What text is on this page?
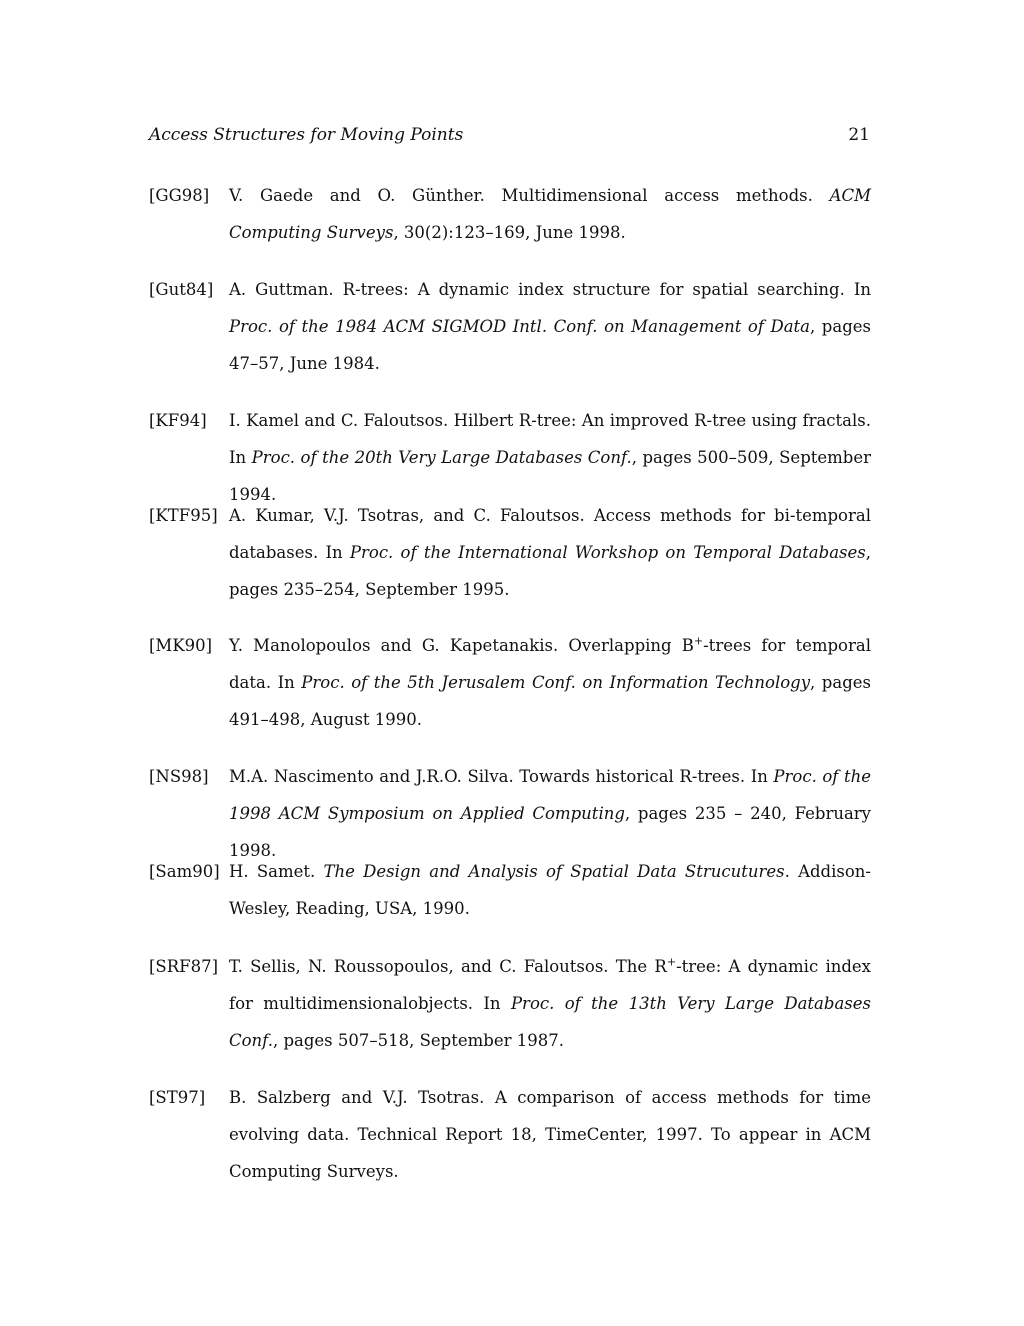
Access Structures for Moving Points	21
[GG98] V. Gaede and O. Günther. Multidimensional access methods. ACM Computing Surveys, 30(2):123–169, June 1998.
[Gut84] A. Guttman. R-trees: A dynamic index structure for spatial searching. In Proc. of the 1984 ACM SIGMOD Intl. Conf. on Management of Data, pages 47–57, June 1984.
[KF94] I. Kamel and C. Faloutsos. Hilbert R-tree: An improved R-tree using fractals. In Proc. of the 20th Very Large Databases Conf., pages 500–509, September 1994.
[KTF95] A. Kumar, V.J. Tsotras, and C. Faloutsos. Access methods for bi-temporal databases. In Proc. of the International Workshop on Temporal Databases, pages 235–254, September 1995.
[MK90] Y. Manolopoulos and G. Kapetanakis. Overlapping B+-trees for temporal data. In Proc. of the 5th Jerusalem Conf. on Information Technology, pages 491–498, August 1990.
[NS98] M.A. Nascimento and J.R.O. Silva. Towards historical R-trees. In Proc. of the 1998 ACM Symposium on Applied Computing, pages 235 – 240, February 1998.
[Sam90] H. Samet. The Design and Analysis of Spatial Data Strucutures. Addison-Wesley, Reading, USA, 1990.
[SRF87] T. Sellis, N. Roussopoulos, and C. Faloutsos. The R+-tree: A dynamic index for multidimensionalobjects. In Proc. of the 13th Very Large Databases Conf., pages 507–518, September 1987.
[ST97] B. Salzberg and V.J. Tsotras. A comparison of access methods for time evolving data. Technical Report 18, TimeCenter, 1997. To appear in ACM Computing Surveys.
